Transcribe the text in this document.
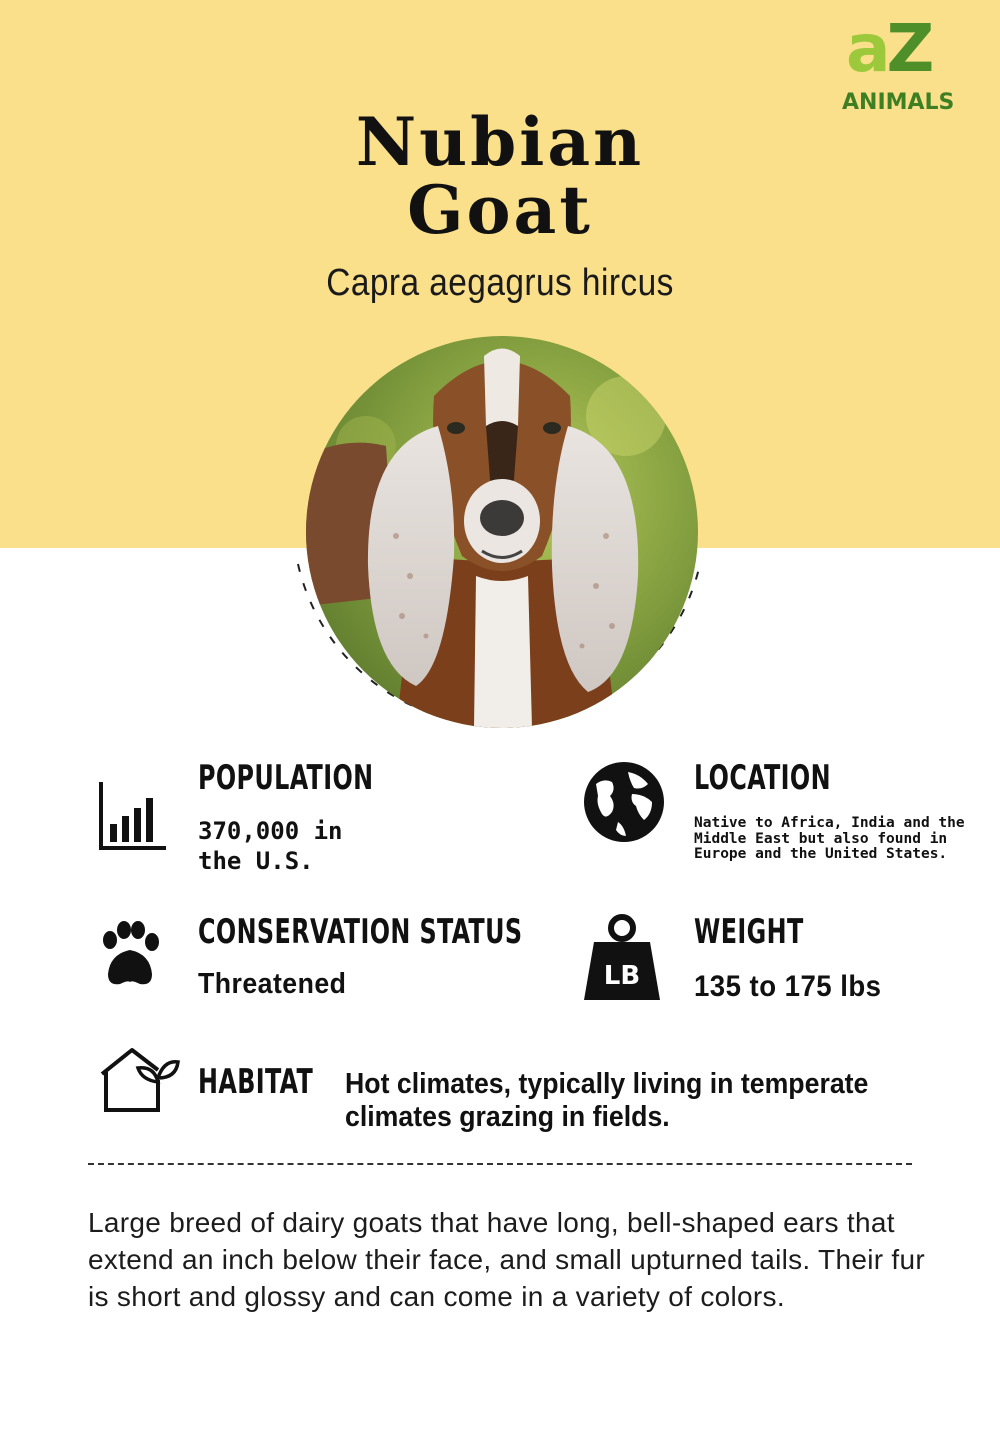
aZ
ANIMALS
Nubian
Goat
Capra aegagrus hircus
POPULATION
370,000 in
the U.S.
LOCATION
Native to Africa, India and the Middle East but also found in Europe and the United States.
CONSERVATION STATUS
Threatened	LB
WEIGHT
135 to 175 lbs
HABITAT Hot climates, typically living in temperate climates grazing in fields.
Large breed of dairy goats that have long, bell-shaped ears that extend an inch below their face, and small upturned tails. Their fur is short and glossy and can come in a variety of colors.
